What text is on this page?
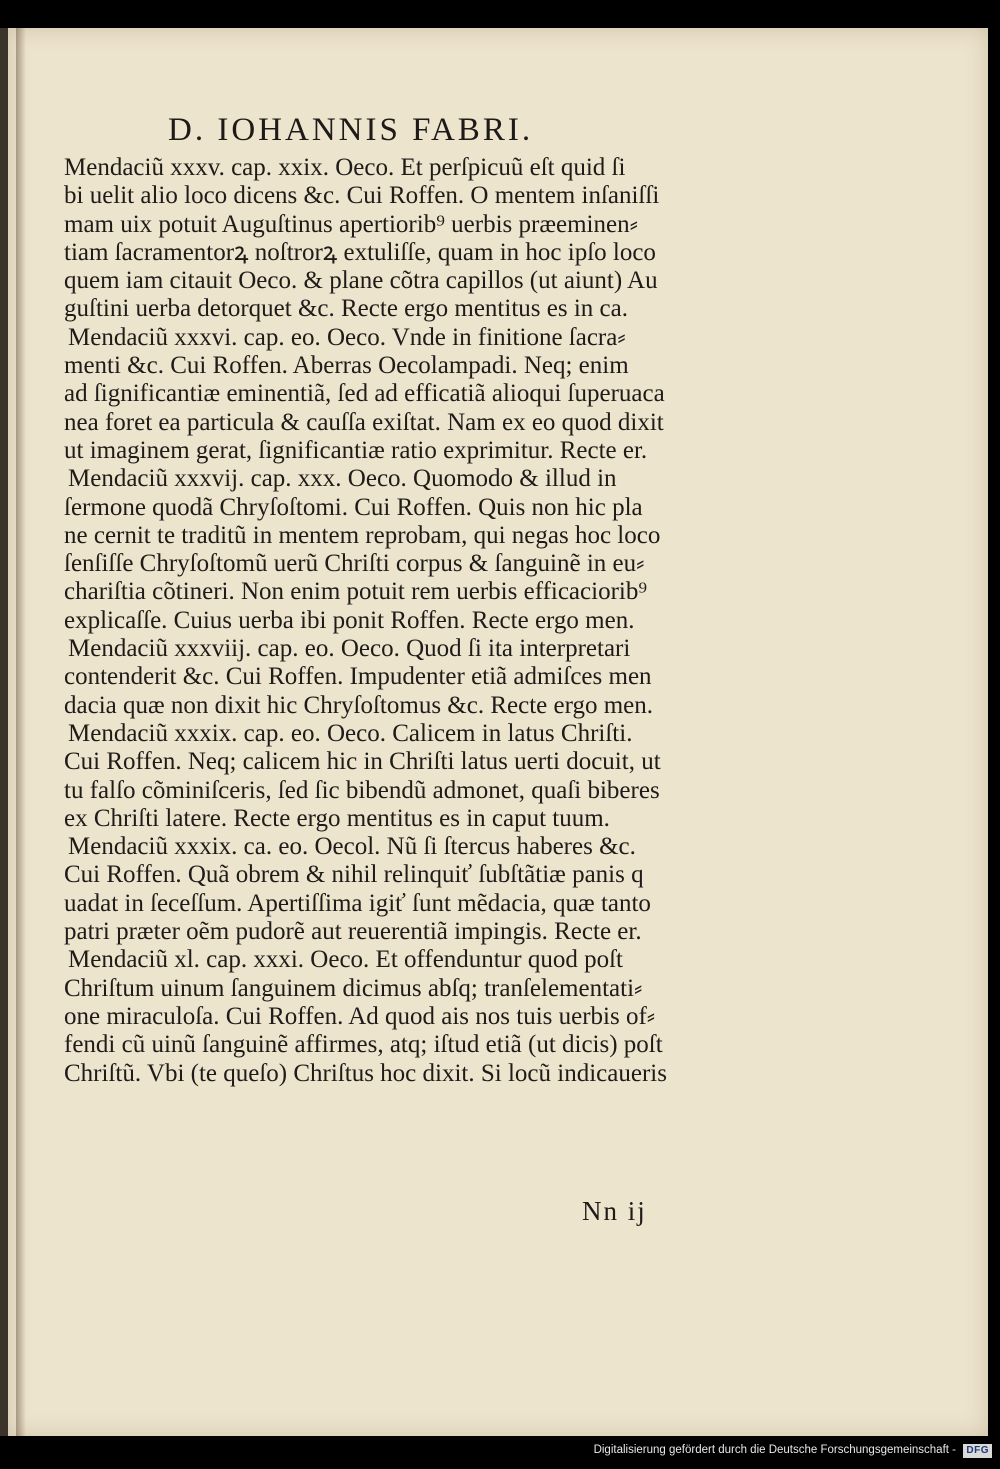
D. IOHANNIS FABRI.
Mendaciũ xxxv. cap. xxix. Oeco. Et perſpicuũ eſt quid ſi
bi uelit alio loco dicens &c. Cui Roffen. O mentem inſaniſſi
mam uix potuit Auguſtinus apertiorib⁹ uerbis præeminen⸗
tiam ſacramentorꝝ noſtrorꝝ extuliſſe, quam in hoc ipſo loco
quem iam citauit Oeco. & plane cõtra capillos (ut aiunt) Au
guſtini uerba detorquet &c. Recte ergo mentitus es in ca.
Mendaciũ xxxvi. cap. eo. Oeco. Vnde in finitione ſacra⸗
menti &c. Cui Roffen. Aberras Oecolampadi. Neq; enim
ad ſignificantiæ eminentiã, ſed ad efficatiã alioqui ſuperuaca
nea foret ea particula & cauſſa exiſtat. Nam ex eo quod dixit
ut imaginem gerat, ſignificantiæ ratio exprimitur. Recte er.
Mendaciũ xxxvij. cap. xxx. Oeco. Quomodo & illud in
ſermone quodã Chryſoſtomi. Cui Roffen. Quis non hic pla
ne cernit te traditũ in mentem reprobam, qui negas hoc loco
ſenſiſſe Chryſoſtomũ uerũ Chriſti corpus & ſanguinẽ in eu⸗
chariſtia cõtineri. Non enim potuit rem uerbis efficaciorib⁹
explicaſſe. Cuius uerba ibi ponit Roffen. Recte ergo men.
Mendaciũ xxxviij. cap. eo. Oeco. Quod ſi ita interpretari
contenderit &c. Cui Roffen. Impudenter etiã admiſces men
dacia quæ non dixit hic Chryſoſtomus &c. Recte ergo men.
Mendaciũ xxxix. cap. eo. Oeco. Calicem in latus Chriſti.
Cui Roffen. Neq; calicem hic in Chriſti latus uerti docuit, ut
tu falſo cõminiſceris, ſed ſic bibendũ admonet, quaſi biberes
ex Chriſti latere. Recte ergo mentitus es in caput tuum.
Mendaciũ xxxix. ca. eo. Oecol. Nũ ſi ſtercus haberes &c.
Cui Roffen. Quã obrem & nihil relinquiť ſubſtãtiæ panis q
uadat in ſeceſſum. Apertiſſima igiť ſunt mẽdacia, quæ tanto
patri præter oẽm pudorẽ aut reuerentiã impingis. Recte er.
Mendaciũ xl. cap. xxxi. Oeco. Et offenduntur quod poſt
Chriſtum uinum ſanguinem dicimus abſq; tranſelementati⸗
one miraculoſa. Cui Roffen. Ad quod ais nos tuis uerbis of⸗
fendi cũ uinũ ſanguinẽ affirmes, atq; iſtud etiã (ut dicis) poſt
Chriſtũ. Vbi (te queſo) Chriſtus hoc dixit. Si locũ indicaueris
Nn ij
Digitalisierung gefördert durch die Deutsche Forschungsgemeinschaft -	DFG
